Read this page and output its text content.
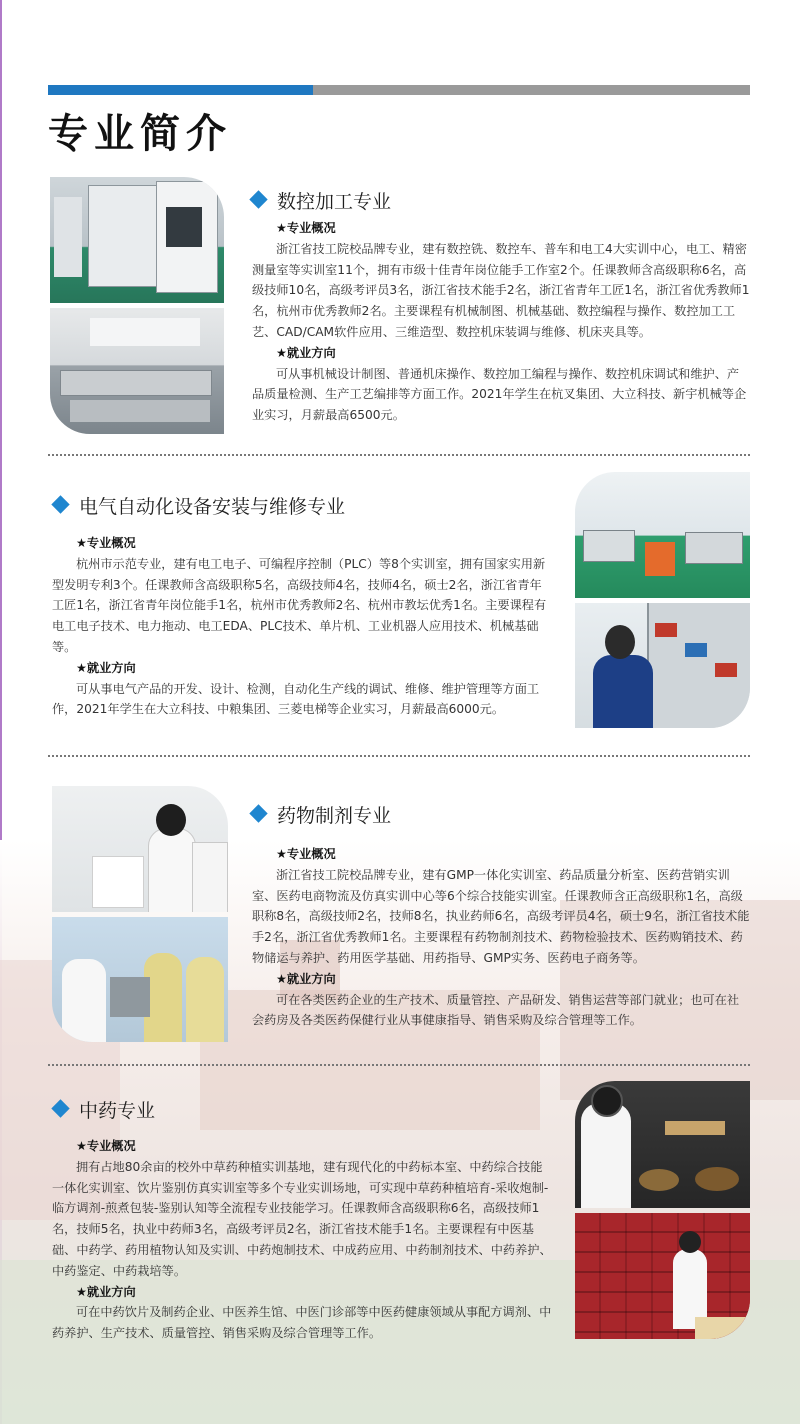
专业简介
数控加工专业

★专业概况

浙江省技工院校品牌专业，建有数控铣、数控车、普车和电工4大实训中心，电工、精密测量室等实训室11个，拥有市级十佳青年岗位能手工作室2个。任课教师含高级职称6名，高级技师10名，高级考评员3名，浙江省技术能手2名，浙江省青年工匠1名，浙江省优秀教师1名，杭州市优秀教师2名。主要课程有机械制图、机械基础、数控编程与操作、数控加工工艺、CAD/CAM软件应用、三维造型、数控机床装调与维修、机床夹具等。

★就业方向

可从事机械设计制图、普通机床操作、数控加工编程与操作、数控机床调试和维护、产品质量检测、生产工艺编排等方面工作。2021年学生在杭叉集团、大立科技、新宇机械等企业实习，月薪最高6500元。

电气自动化设备安装与维修专业

★专业概况

杭州市示范专业，建有电工电子、可编程序控制（PLC）等8个实训室，拥有国家实用新型发明专利3个。任课教师含高级职称5名，高级技师4名，技师4名，硕士2名，浙江省青年工匠1名，浙江省青年岗位能手1名，杭州市优秀教师2名、杭州市教坛优秀1名。主要课程有电工电子技术、电力拖动、电工EDA、PLC技术、单片机、工业机器人应用技术、机械基础等。

★就业方向

可从事电气产品的开发、设计、检测，自动化生产线的调试、维修、维护管理等方面工作，2021年学生在大立科技、中粮集团、三菱电梯等企业实习，月薪最高6000元。

药物制剂专业

★专业概况

浙江省技工院校品牌专业，建有GMP一体化实训室、药品质量分析室、医药营销实训室、医药电商物流及仿真实训中心等6个综合技能实训室。任课教师含正高级职称1名，高级职称8名，高级技师2名，技师8名，执业药师6名，高级考评员4名，硕士9名，浙江省技术能手2名，浙江省优秀教师1名。主要课程有药物制剂技术、药物检验技术、医药购销技术、药物储运与养护、药用医学基础、用药指导、GMP实务、医药电子商务等。

★就业方向

可在各类医药企业的生产技术、质量管控、产品研发、销售运营等部门就业；也可在社会药房及各类医药保健行业从事健康指导、销售采购及综合管理等工作。

中药专业

★专业概况

拥有占地80余亩的校外中草药种植实训基地，建有现代化的中药标本室、中药综合技能一体化实训室、饮片鉴别仿真实训室等多个专业实训场地，可实现中草药种植培育-采收炮制-临方调剂-煎煮包装-鉴别认知等全流程专业技能学习。任课教师含高级职称6名，高级技师1名，技师5名，执业中药师3名，高级考评员2名，浙江省技术能手1名。主要课程有中医基础、中药学、药用植物认知及实训、中药炮制技术、中成药应用、中药制剂技术、中药养护、中药鉴定、中药栽培等。

★就业方向

可在中药饮片及制药企业、中医养生馆、中医门诊部等中医药健康领域从事配方调剂、中药养护、生产技术、质量管控、销售采购及综合管理等工作。
